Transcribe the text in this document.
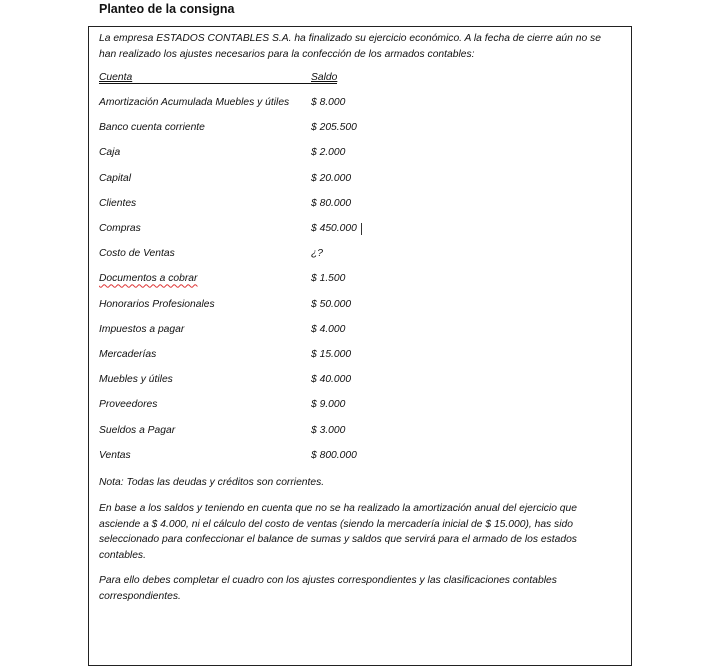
Planteo de la consigna
La empresa ESTADOS CONTABLES S.A. ha finalizado su ejercicio económico. A la fecha de cierre aún no se han realizado los ajustes necesarios para la confección de los armados contables:
Cuenta	Saldo
Amortización Acumulada Muebles y útiles $ 8.000
Banco cuenta corriente	$ 205.500
Caja	$ 2.000
Capital	$ 20.000
Clientes	$ 80.000
Compras	$ 450.000
Costo de Ventas	¿?
Documentos a cobrar	$ 1.500
Honorarios Profesionales	$ 50.000
Impuestos a pagar	$ 4.000
Mercaderías	$ 15.000
Muebles y útiles	$ 40.000
Proveedores	$ 9.000
Sueldos a Pagar	$ 3.000
Ventas	$ 800.000
Nota: Todas las deudas y créditos son corrientes.
En base a los saldos y teniendo en cuenta que no se ha realizado la amortización anual del ejercicio que asciende a $ 4.000, ni el cálculo del costo de ventas (siendo la mercadería inicial de $ 15.000), has sido seleccionado para confeccionar el balance de sumas y saldos que servirá para el armado de los estados contables.
Para ello debes completar el cuadro con los ajustes correspondientes y las clasificaciones contables correspondientes.
